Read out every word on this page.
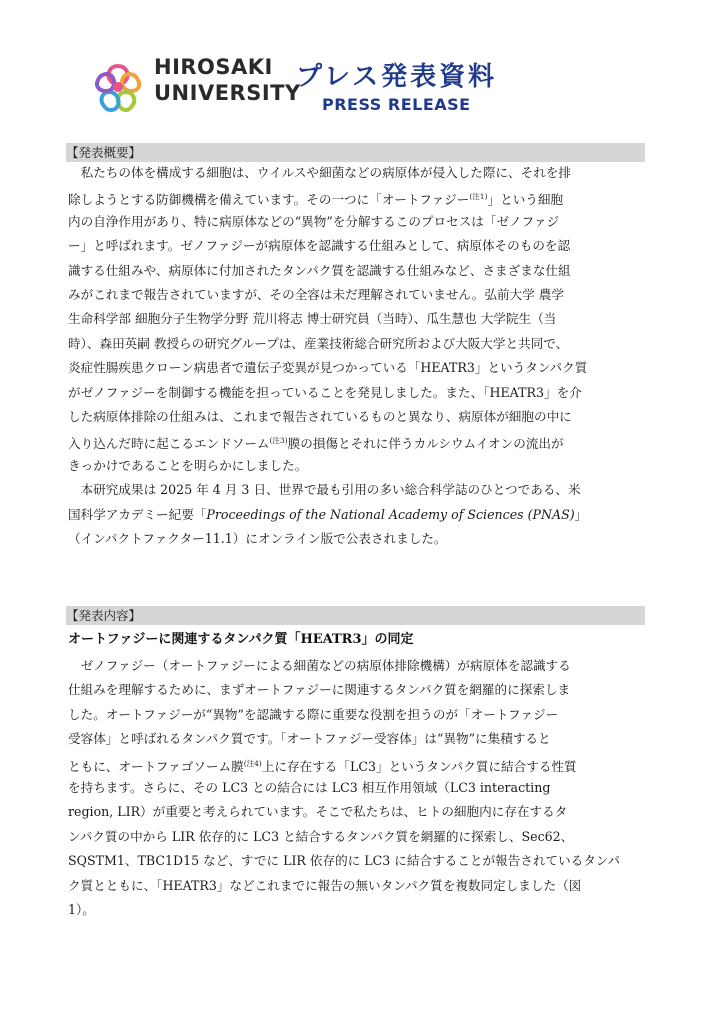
HIROSAKI
UNIVERSITY
プレス発表資料
PRESS RELEASE
【発表概要】
　私たちの体を構成する細胞は、ウイルスや細菌などの病原体が侵入した際に、それを排
除しようとする防御機構を備えています。その一つに「オートファジー$^{(注1)}$」という細胞
内の自浄作用があり、特に病原体などの“異物”を分解するこのプロセスは「ゼノファジ
ー」と呼ばれます。ゼノファジーが病原体を認識する仕組みとして、病原体そのものを認
識する仕組みや、病原体に付加されたタンパク質を認識する仕組みなど、さまざまな仕組
みがこれまで報告されていますが、その全容は未だ理解されていません。弘前大学 農学
生命科学部 細胞分子生物学分野 荒川将志 博士研究員（当時）、瓜生慧也 大学院生（当
時）、森田英嗣 教授らの研究グループは、産業技術総合研究所および大阪大学と共同で、
炎症性腸疾患クローン病患者で遺伝子変異が見つかっている「HEATR3」というタンパク質
がゼノファジーを制御する機能を担っていることを発見しました。また、「HEATR3」を介
した病原体排除の仕組みは、これまで報告されているものと異なり、病原体が細胞の中に
入り込んだ時に起こるエンドソーム$^{(注3)}$膜の損傷とそれに伴うカルシウムイオンの流出が
きっかけであることを明らかにしました。
　本研究成果は 2025 年 4 月 3 日、世界で最も引用の多い総合科学誌のひとつである、米
国科学アカデミー紀要「Proceedings of the National Academy of Sciences (PNAS)」
（インパクトファクター11.1）にオンライン版で公表されました。
【発表内容】
オートファジーに関連するタンパク質「HEATR3」の同定
　ゼノファジー（オートファジーによる細菌などの病原体排除機構）が病原体を認識する
仕組みを理解するために、まずオートファジーに関連するタンパク質を網羅的に探索しま
した。オートファジーが“異物”を認識する際に重要な役割を担うのが「オートファジー
受容体」と呼ばれるタンパク質です。「オートファジー受容体」は“異物”に集積すると
ともに、オートファゴソーム膜$^{(注4)}$上に存在する「LC3」というタンパク質に結合する性質
を持ちます。さらに、その LC3 との結合には LC3 相互作用領域（LC3 interacting
region, LIR）が重要と考えられています。そこで私たちは、ヒトの細胞内に存在するタ
ンパク質の中から LIR 依存的に LC3 と結合するタンパク質を網羅的に探索し、Sec62、
SQSTM1、TBC1D15 など、すでに LIR 依存的に LC3 に結合することが報告されているタンパ
ク質とともに、「HEATR3」などこれまでに報告の無いタンパク質を複数同定しました（図
1）。
